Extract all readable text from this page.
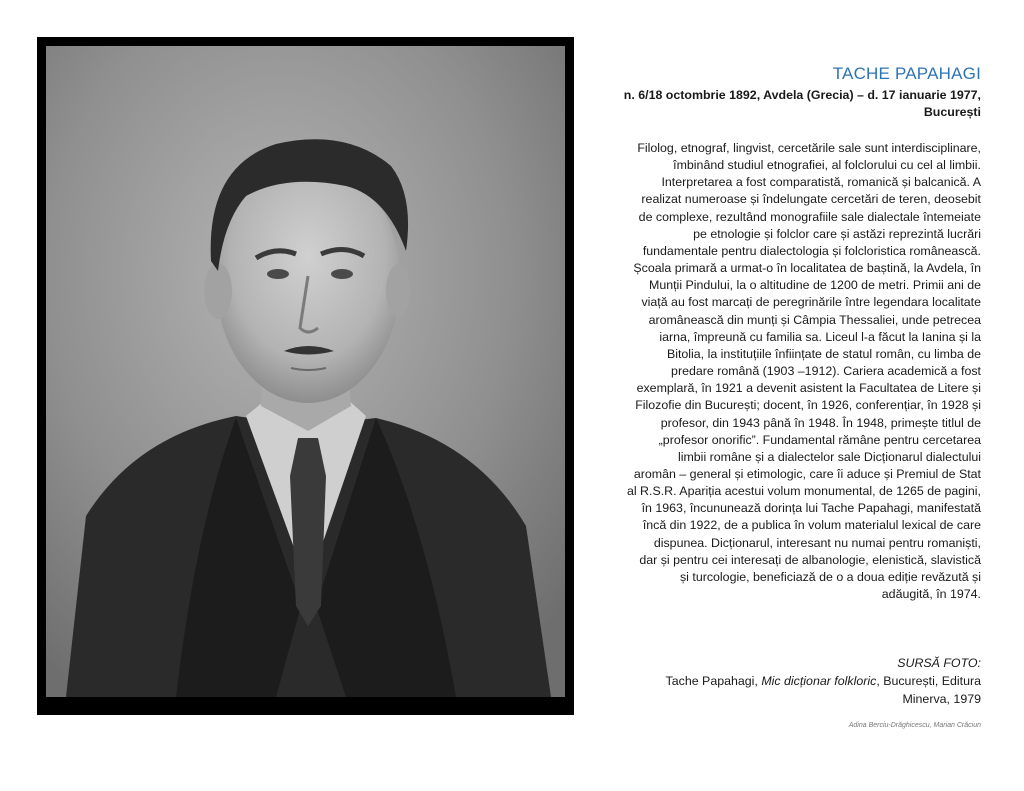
TACHE PAPAHAGI

n. 6/18 octombrie 1892, Avdela (Grecia) – d. 17 ianuarie 1977,
București

Filolog, etnograf, lingvist, cercetările sale sunt interdisciplinare,
îmbinând studiul etnografiei, al folclorului cu cel al limbii.
Interpretarea a fost comparatistă, romanică și balcanică. A
realizat numeroase și îndelungate cercetări de teren, deosebit
de complexe, rezultând monografiile sale dialectale întemeiate
pe etnologie și folclor care și astăzi reprezintă lucrări
fundamentale pentru dialectologia și folcloristica românească.
Școala primară a urmat-o în localitatea de baștină, la Avdela, în
Munții Pindului, la o altitudine de 1200 de metri. Primii ani de
viață au fost marcați de peregrinările între legendara localitate
aromânească din munți și Câmpia Thessaliei, unde petrecea
iarna, împreună cu familia sa. Liceul l-a făcut la Ianina și la
Bitolia, la instituțiile înființate de statul român, cu limba de
predare română (1903 –1912). Cariera academică a fost
exemplară, în 1921 a devenit asistent la Facultatea de Litere și
Filozofie din București; docent, în 1926, conferențiar, în 1928 și
profesor, din 1943 până în 1948. În 1948, primește titlul de
„profesor onorific”. Fundamental rămâne pentru cercetarea
limbii române și a dialectelor sale Dicționarul dialectului
aromân – general și etimologic, care îi aduce și Premiul de Stat
al R.S.R. Apariția acestui volum monumental, de 1265 de pagini,
în 1963, încununează dorința lui Tache Papahagi, manifestată
încă din 1922, de a publica în volum materialul lexical de care
dispunea. Dicționarul, interesant nu numai pentru romaniști,
dar și pentru cei interesați de albanologie, elenistică, slavistică
și turcologie, beneficiază de o a doua ediție revăzută și
adăugită, în 1974.

SURSĂ FOTO:

Tache Papahagi, Mic dicționar folkloric, București, Editura

Minerva, 1979

Adina Berciu-Drăghicescu, Marian Crăciun
